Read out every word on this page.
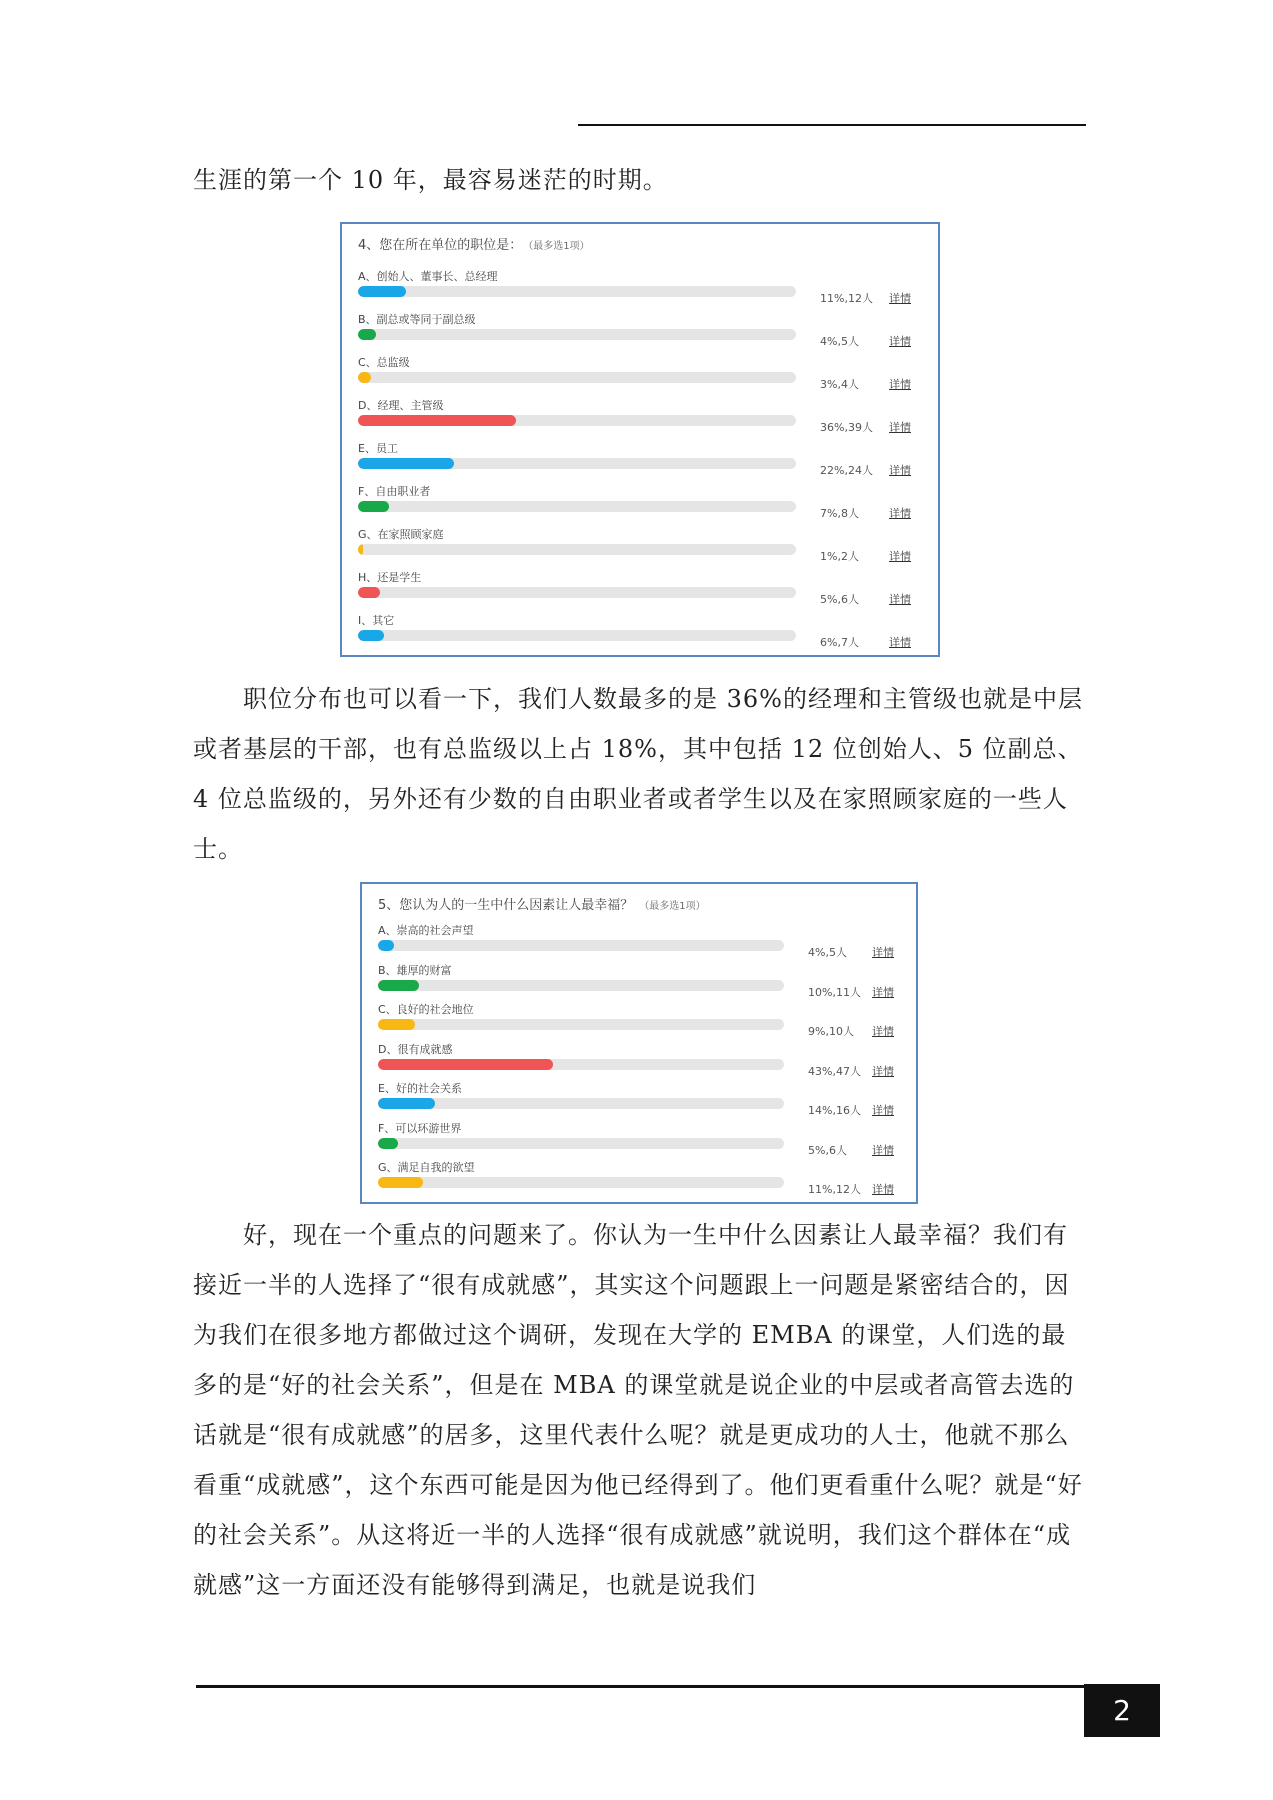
生涯的第一个 10 年，最容易迷茫的时期。

4、您在所在单位的职位是： （最多选1项）
A、创始人、董事长、总经理
11%,12人 详情
B、副总或等同于副总级
4%,5人	详情
C、总监级
3%,4人	详情
D、经理、主管级
36%,39人 详情
E、员工
22%,24人 详情
F、自由职业者
7%,8人	详情
G、在家照顾家庭
1%,2人	详情
H、还是学生
5%,6人	详情
I、其它
6%,7人	详情

职位分布也可以看一下，我们人数最多的是 36%的经理和主管级也就是中层或者基层的干部，也有总监级以上占 18%，其中包括 12 位创始人、5 位副总、4 位总监级的，另外还有少数的自由职业者或者学生以及在家照顾家庭的一些人士。

5、您认为人的一生中什么因素让人最幸福？ （最多选1项）
A、崇高的社会声望
4%,5人 详情
B、雄厚的财富
10%,11人 详情
C、良好的社会地位
9%,10人 详情
D、很有成就感
43%,47人 详情
E、好的社会关系
14%,16人 详情
F、可以环游世界
5%,6人 详情
G、满足自我的欲望
11%,12人 详情

好，现在一个重点的问题来了。你认为一生中什么因素让人最幸福？我们有接近一半的人选择了“很有成就感”，其实这个问题跟上一问题是紧密结合的，因为我们在很多地方都做过这个调研，发现在大学的 EMBA 的课堂，人们选的最多的是“好的社会关系”，但是在 MBA 的课堂就是说企业的中层或者高管去选的话就是“很有成就感”的居多，这里代表什么呢？就是更成功的人士，他就不那么看重“成就感”，这个东西可能是因为他已经得到了。他们更看重什么呢？就是“好的社会关系”。从这将近一半的人选择“很有成就感”就说明，我们这个群体在“成就感”这一方面还没有能够得到满足，也就是说我们

2
